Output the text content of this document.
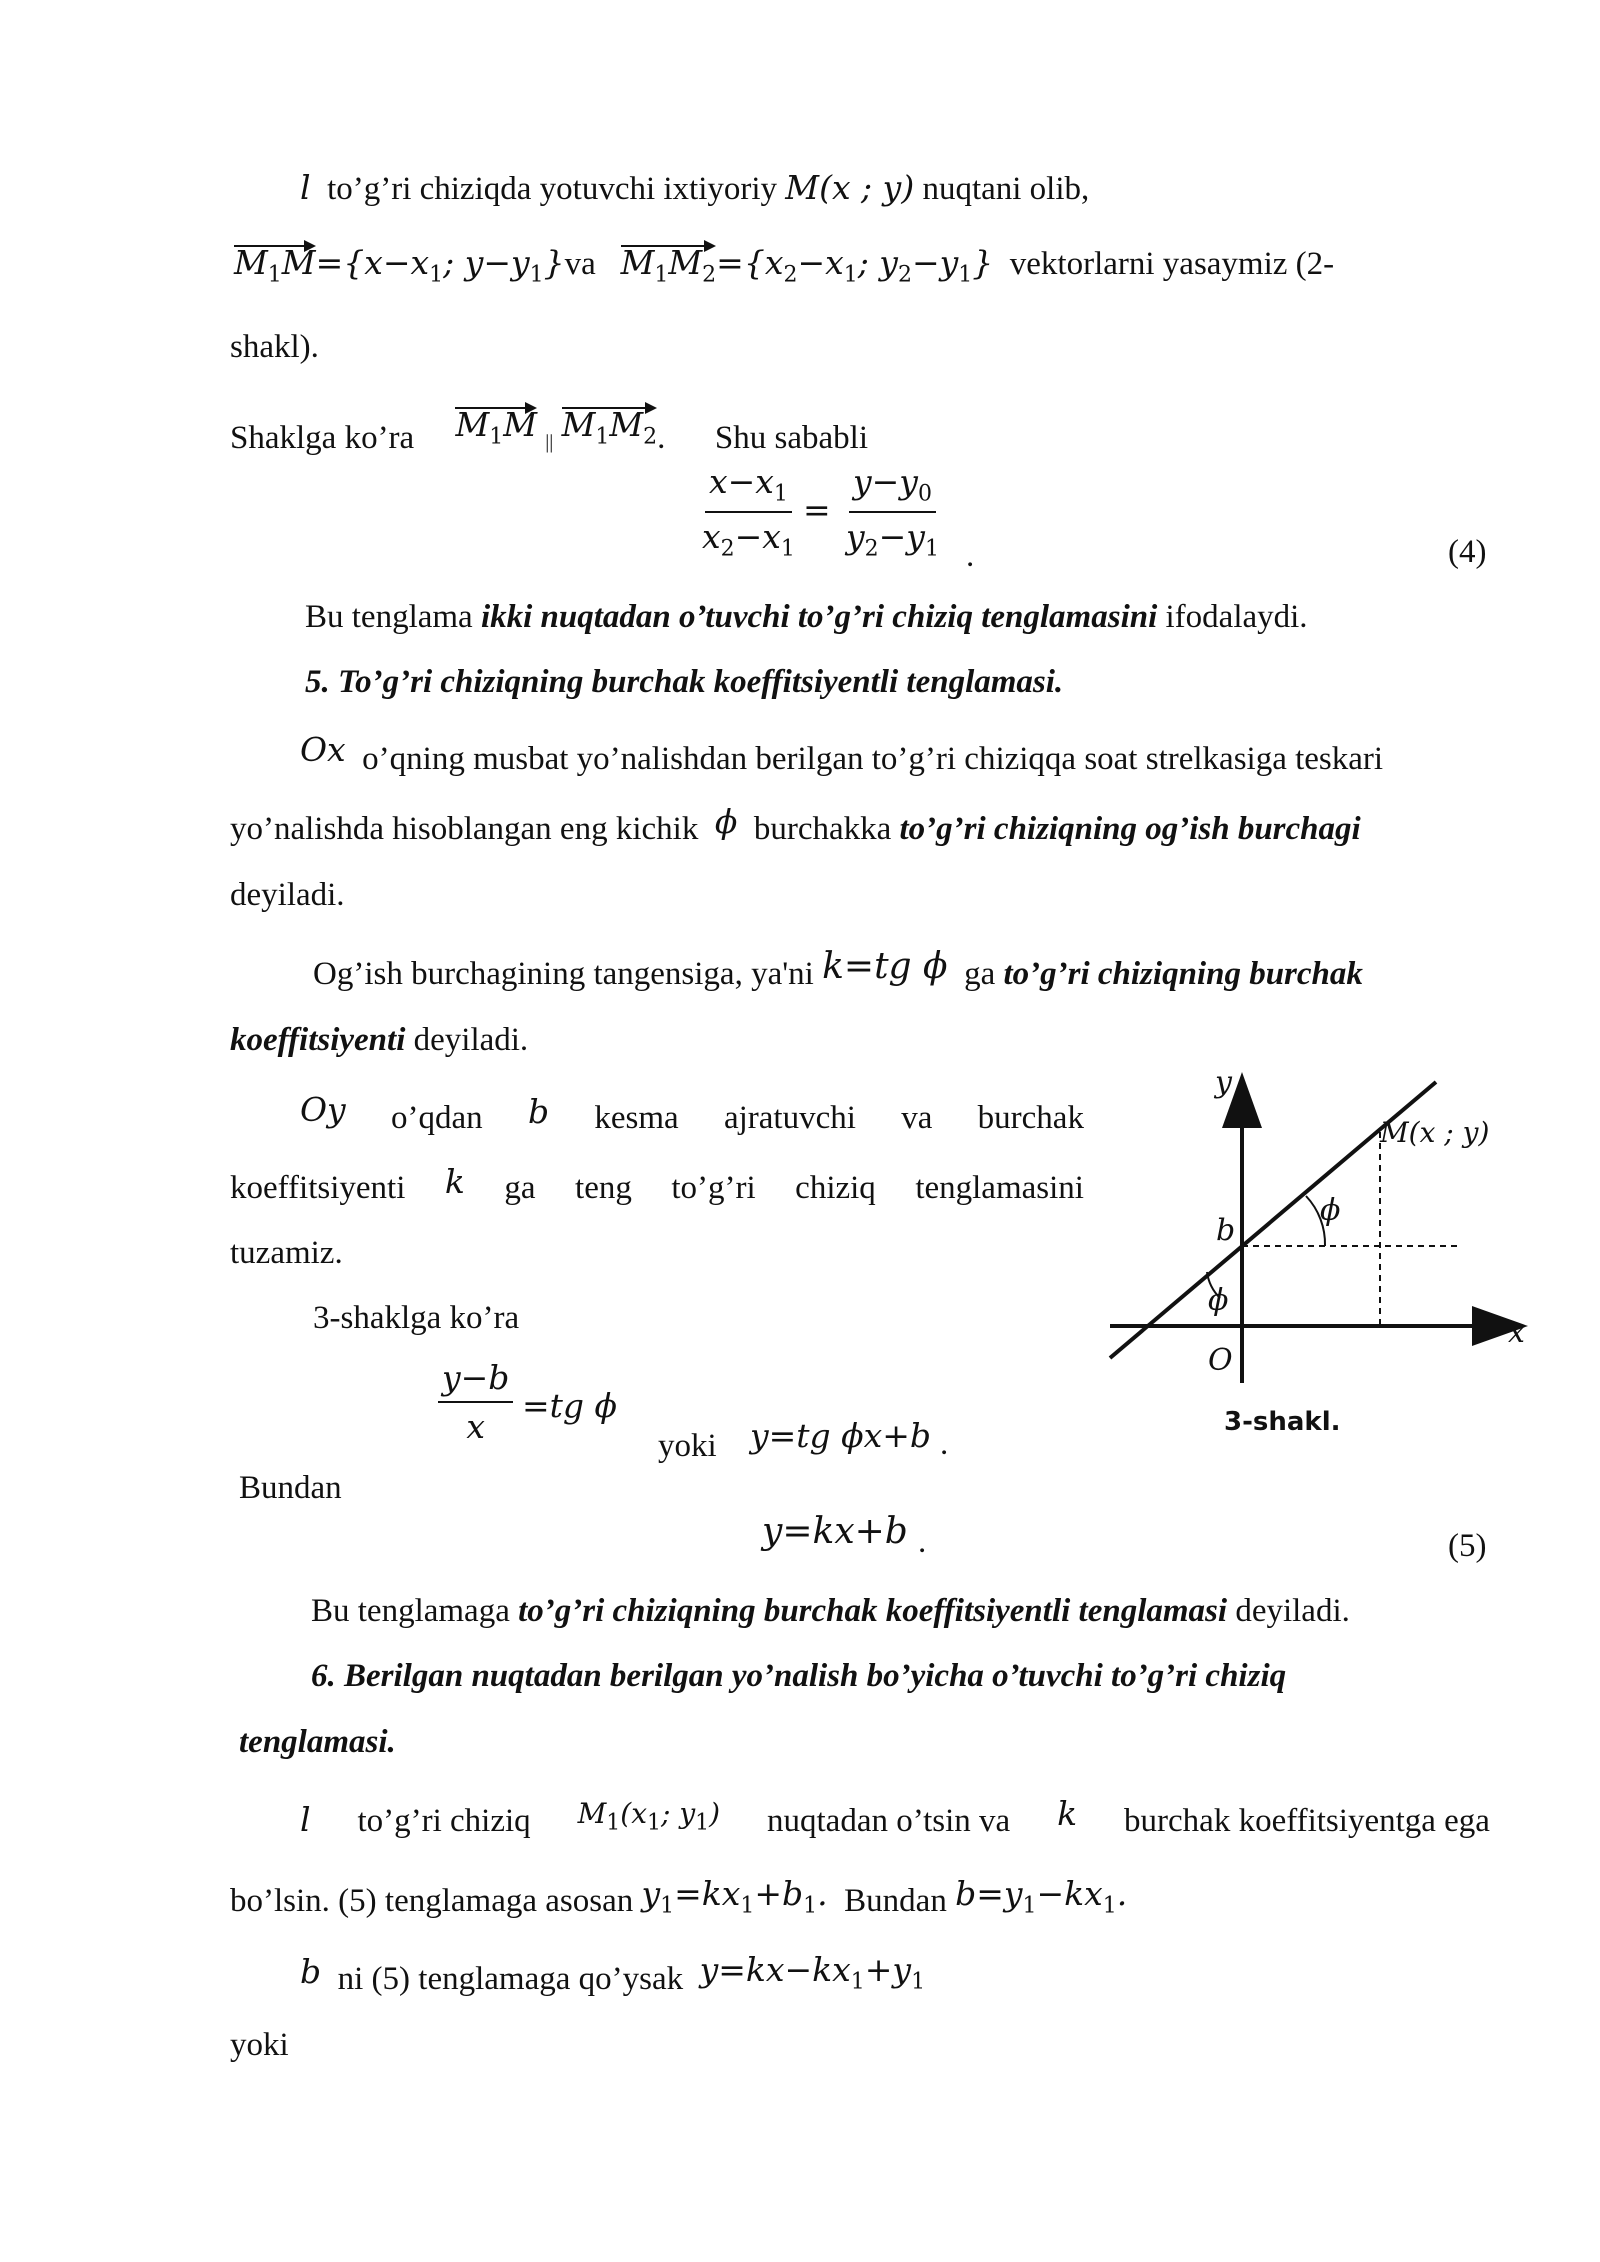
l to’g’ri chiziqda yotuvchi ixtiyoriy M(x ; y) nuqtani olib,
$M_1M=\{x-x_1$; $y-y_1\}va$ $M_1M_2=\{x_2-x_1$; $y_2-y_1$} vektorlarni yasaymiz (2-
shakl).
Shaklga ko’ra $M_1M$ || $M_1M_2$. Shu sababli
$\frac{x-x_1}{x_2-x_1} = \frac{y-y_0}{y_2-y_1}$ .	(4)
Bu tenglama ikki nuqtadan o’tuvchi to’g’ri chiziq tenglamasini ifodalaydi.
5. To’g’ri chiziqning burchak koeffitsiyentli tenglamasi.
Ox o’qning musbat yo’nalishdan berilgan to’g’ri chiziqqa soat strelkasiga teskari
yo’nalishda hisoblangan eng kichik ϕ burchakka to’g’ri chiziqning og’ish burchagi
deyiladi.
Og’ish burchagining tangensiga, ya'ni k=tg ϕ ga to’g’ri chiziqning burchak
koeffitsiyenti deyiladi.
Oy o’qdan b kesma ajratuvchi va burchak
koeffitsiyenti k ga teng to’g’ri chiziq tenglamasini
tuzamiz.
3-shaklga ko’ra
$\frac{y-b}{x} =tg$ ϕ
yoki y=tg ϕx+b .
Bundan
y=kx+b .	(5)
Bu tenglamaga to’g’ri chiziqning burchak koeffitsiyentli tenglamasi deyiladi.
6. Berilgan nuqtadan berilgan yo’nalish bo’yicha o’tuvchi to’g’ri chiziq
tenglamasi.
l to’g’ri chiziq $M_1(x_1$; $y_1$) nuqtadan o’tsin va k burchak koeffitsiyentga ega
bo’lsin. (5) tenglamaga asosan $y_1=kx_1+b_1$. Bundan $b=y_1-kx_1$.
b ni (5) tenglamaga qo’ysak $y=kx-kx_1+y_1$
yoki
y
x
O
b
ϕ
ϕ
M(x ; y)
3-shakl.
